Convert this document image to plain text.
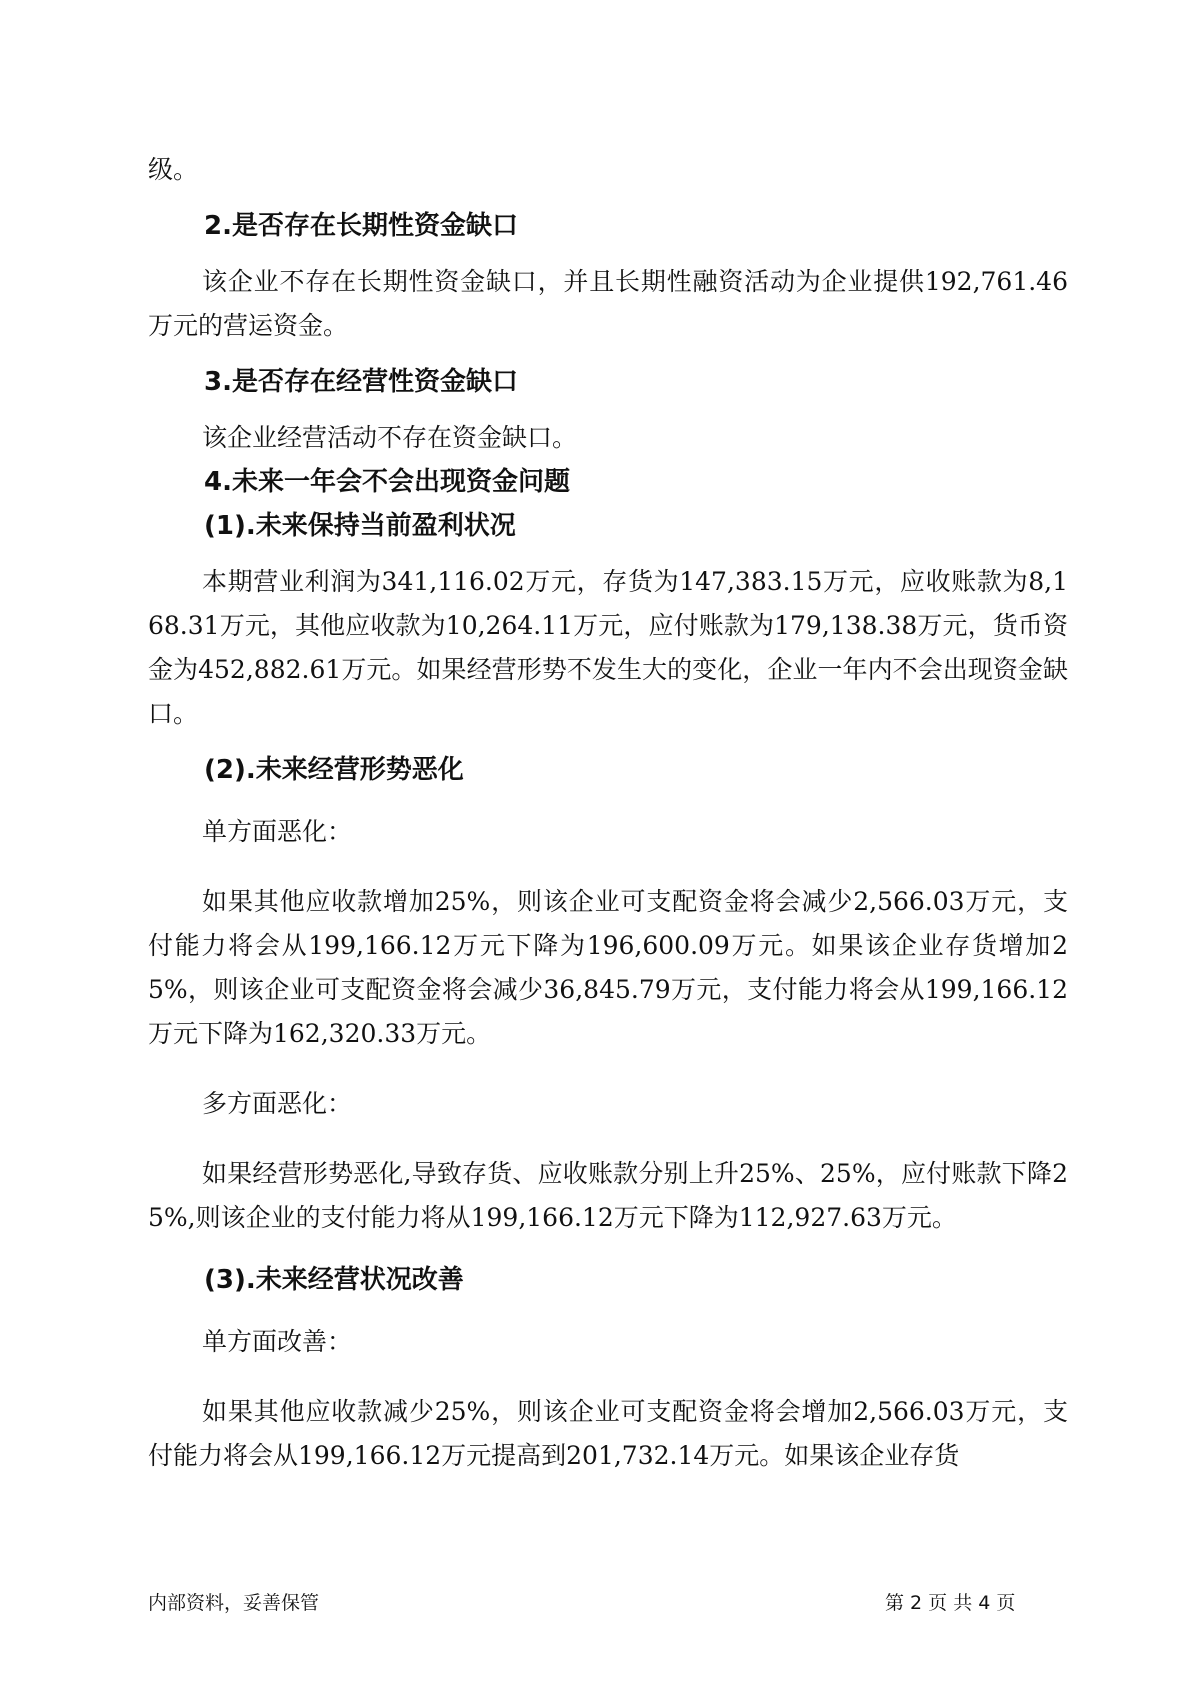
级。

2.是否存在长期性资金缺口

该企业不存在长期性资金缺口，并且长期性融资活动为企业提供192,761.46万元的营运资金。

3.是否存在经营性资金缺口

该企业经营活动不存在资金缺口。

4.未来一年会不会出现资金问题
(1).未来保持当前盈利状况

本期营业利润为341,116.02万元，存货为147,383.15万元，应收账款为8,168.31万元，其他应收款为10,264.11万元，应付账款为179,138.38万元，货币资金为452,882.61万元。如果经营形势不发生大的变化，企业一年内不会出现资金缺口。

(2).未来经营形势恶化

单方面恶化：

如果其他应收款增加25%，则该企业可支配资金将会减少2,566.03万元，支付能力将会从199,166.12万元下降为196,600.09万元。如果该企业存货增加25%，则该企业可支配资金将会减少36,845.79万元，支付能力将会从199,166.12万元下降为162,320.33万元。

多方面恶化：

如果经营形势恶化,导致存货、应收账款分别上升25%、25%，应付账款下降25%,则该企业的支付能力将从199,166.12万元下降为112,927.63万元。

(3).未来经营状况改善

单方面改善：

如果其他应收款减少25%，则该企业可支配资金将会增加2,566.03万元，支付能力将会从199,166.12万元提高到201,732.14万元。如果该企业存货

内部资料，妥善保管	第 2 页 共 4 页
